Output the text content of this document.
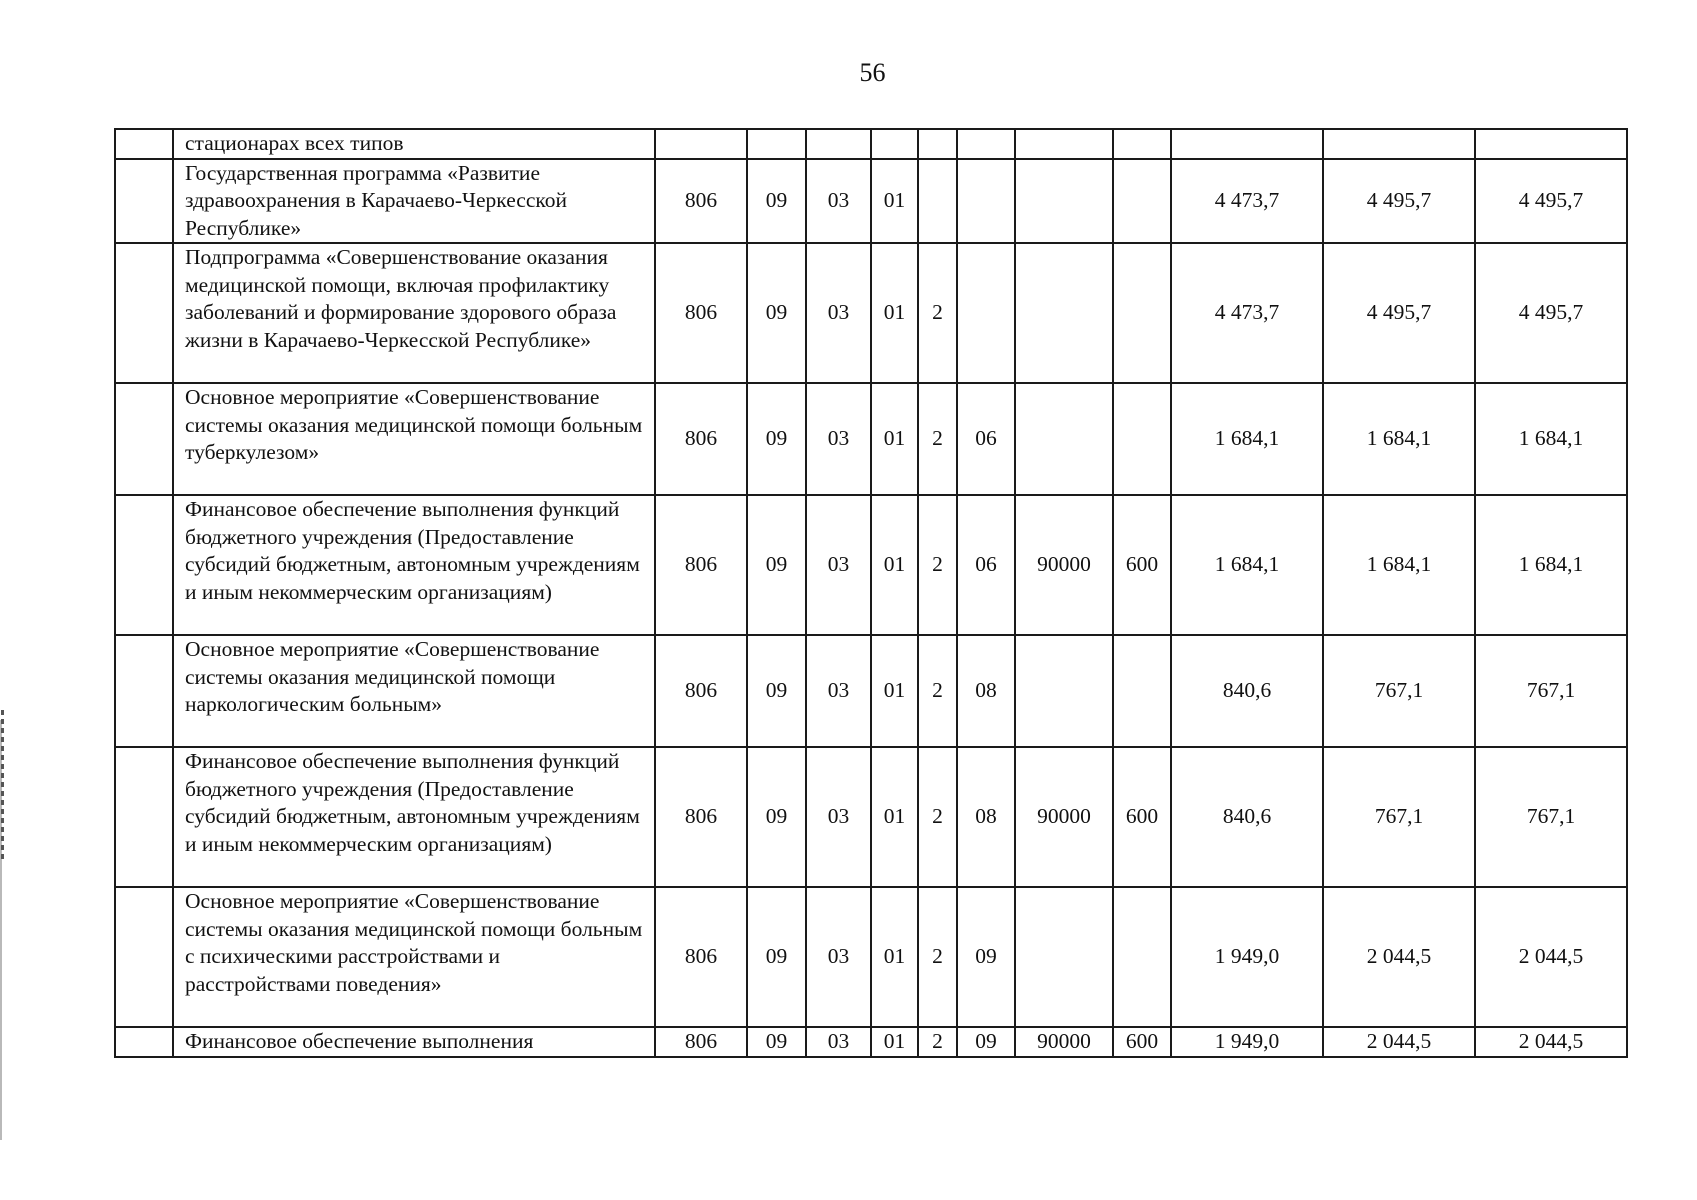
56
	стационарах всех типов											
	Государственная программа «Развитие здравоохранения в Карачаево-Черкесской Республике»	806	09	03	01					4 473,7	4 495,7	4 495,7
	Подпрограмма «Совершенствование оказания медицинской помощи, включая профилактику заболеваний и формирование здорового образа жизни в Карачаево-Черкесской Республике»	806	09	03	01	2				4 473,7	4 495,7	4 495,7
	Основное мероприятие «Совершенствование системы оказания медицинской помощи больным туберкулезом»	806	09	03	01	2	06			1 684,1	1 684,1	1 684,1
	Финансовое обеспечение выполнения функций бюджетного учреждения (Предоставление субсидий бюджетным, автономным учреждениям и иным некоммерческим организациям)	806	09	03	01	2	06	90000	600	1 684,1	1 684,1	1 684,1
	Основное мероприятие «Совершенствование системы оказания медицинской помощи наркологическим больным»	806	09	03	01	2	08			840,6	767,1	767,1
	Финансовое обеспечение выполнения функций бюджетного учреждения (Предоставление субсидий бюджетным, автономным учреждениям и иным некоммерческим организациям)	806	09	03	01	2	08	90000	600	840,6	767,1	767,1
	Основное мероприятие «Совершенствование системы оказания медицинской помощи больным с психическими расстройствами и расстройствами поведения»	806	09	03	01	2	09			1 949,0	2 044,5	2 044,5
	Финансовое обеспечение выполнения	806	09	03	01	2	09	90000	600	1 949,0	2 044,5	2 044,5
